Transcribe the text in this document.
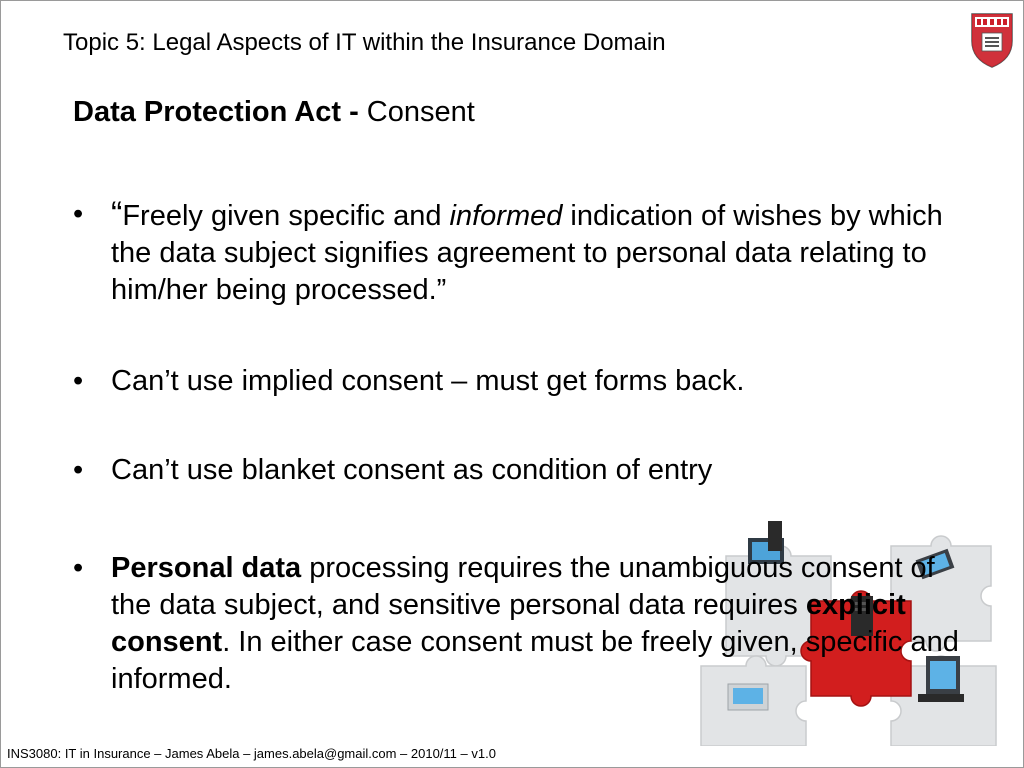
Topic 5: Legal Aspects of IT within the Insurance Domain
Data Protection Act - Consent
• “Freely given specific and informed indication of wishes by which the data subject signifies agreement to personal data relating to him/her being processed.”
• Can’t use implied consent – must get forms back.
• Can’t use blanket consent as condition of entry
• Personal data processing requires the unambiguous consent of the data subject, and sensitive personal data requires explicit consent. In either case consent must be freely given, specific and informed.
INS3080: IT in Insurance – James Abela – james.abela@gmail.com – 2010/11 – v1.0
